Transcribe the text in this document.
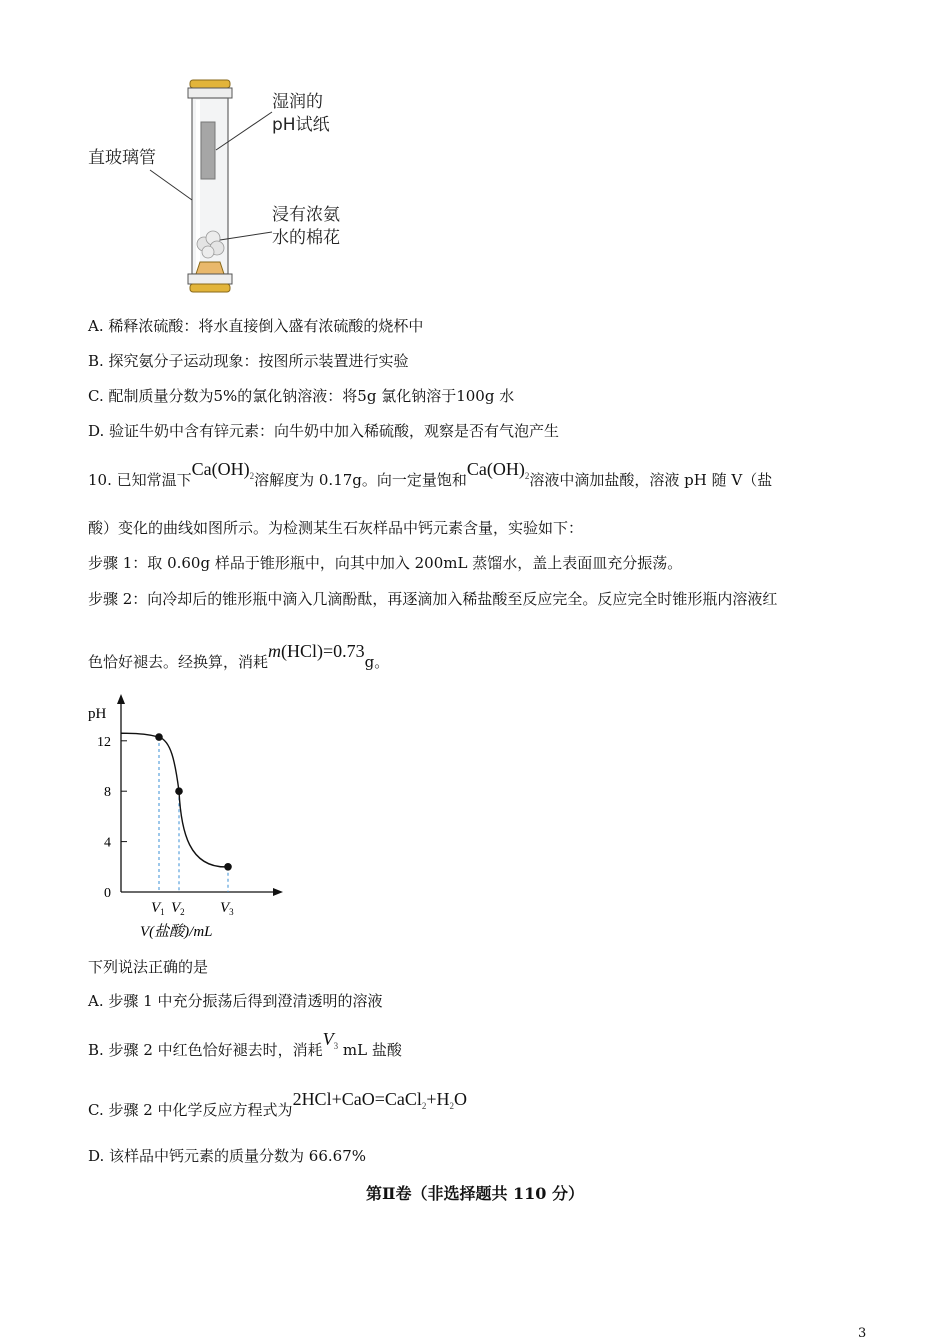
湿润的
pH试纸
直玻璃管
浸有浓氨
水的棉花
A. 稀释浓硫酸：将水直接倒入盛有浓硫酸的烧杯中
B. 探究氨分子运动现象：按图所示装置进行实验
C. 配制质量分数为5%的氯化钠溶液：将5g 氯化钠溶于100g 水
D. 验证牛奶中含有锌元素：向牛奶中加入稀硫酸，观察是否有气泡产生
10. 已知常温下$Ca(OH)_2$溶解度为 0.17g。向一定量饱和$Ca(OH)_2$溶液中滴加盐酸，溶液 pH 随 V（盐
酸）变化的曲线如图所示。为检测某生石灰样品中钙元素含量，实验如下：
步骤 1：取 0.60g 样品于锥形瓶中，向其中加入 200mL 蒸馏水，盖上表面皿充分振荡。
步骤 2：向冷却后的锥形瓶中滴入几滴酚酞，再逐滴加入稀盐酸至反应完全。反应完全时锥形瓶内溶液红
色恰好褪去。经换算，消耗m(HCl)=0.73g。
pH
0
4
8
12
$V_1$ $V_2$ $V_3$
V(盐酸)/mL
下列说法正确的是
A. 步骤 1 中充分振荡后得到澄清透明的溶液
B. 步骤 2 中红色恰好褪去时，消耗$V_3$ mL 盐酸
C. 步骤 2 中化学反应方程式为$2HCl+CaO=CaCl_2+H_2O$
D. 该样品中钙元素的质量分数为 66.67%
第Ⅱ卷（非选择题共 110 分）
3
